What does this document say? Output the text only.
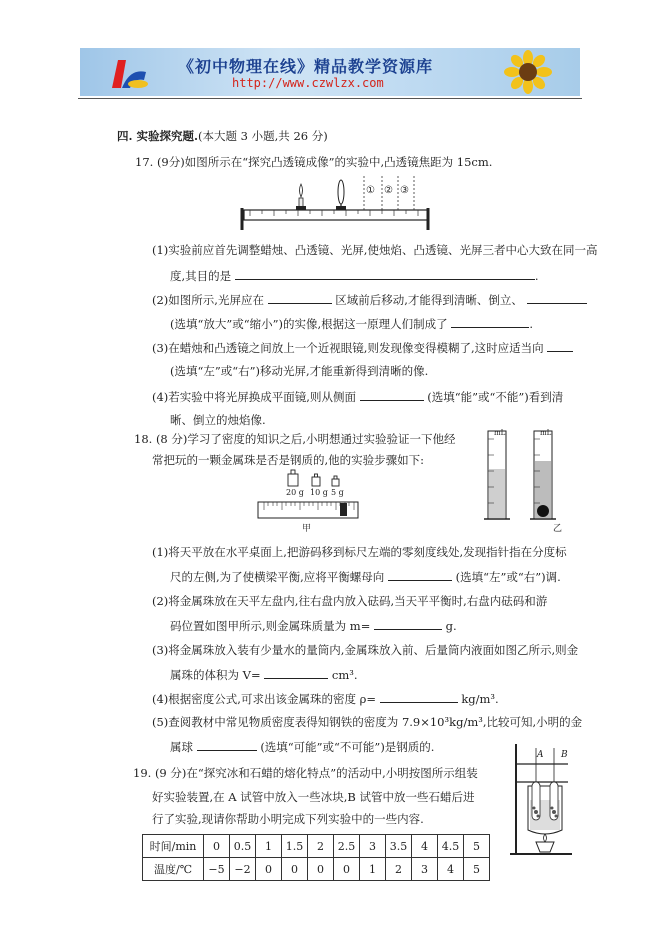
《初中物理在线》精品教学资源库
http://www.czwlzx.com
四. 实验探究题.(本大题 3 小题,共 26 分)
17. (9分)如图所示在“探究凸透镜成像”的实验中,凸透镜焦距为 15cm.
① ② ③
(1)实验前应首先调整蜡烛、凸透镜、光屏,使烛焰、凸透镜、光屏三者中心大致在同一高
度,其目的是	.
(2)如图所示,光屏应在	区域前后移动,才能得到清晰、倒立、
(选填“放大”或“缩小”)的实像,根据这一原理人们制成了	.
(3)在蜡烛和凸透镜之间放上一个近视眼镜,则发现像变得模糊了,这时应适当向
(选填“左”或“右”)移动光屏,才能重新得到清晰的像.
(4)若实验中将光屏换成平面镜,则从侧面	(选填“能”或“不能”)看到清
晰、倒立的烛焰像.
18. (8 分)学习了密度的知识之后,小明想通过实验验证一下他经
常把玩的一颗金属珠是否是钢质的,他的实验步骤如下:
20 g 10 g 5 g
甲
mL	mL
乙
(1)将天平放在水平桌面上,把游码移到标尺左端的零刻度线处,发现指针指在分度标
尺的左侧,为了使横梁平衡,应将平衡螺母向	(选填“左”或“右”)调.
(2)将金属珠放在天平左盘内,往右盘内放入砝码,当天平平衡时,右盘内砝码和游
码位置如图甲所示,则金属珠质量为 m=	g.
(3)将金属珠放入装有少量水的量筒内,金属珠放入前、后量筒内液面如图乙所示,则金
属珠的体积为 V=	cm³.
(4)根据密度公式,可求出该金属珠的密度 ρ=	kg/m³.
(5)查阅教材中常见物质密度表得知钢铁的密度为 7.9×10³kg/m³,比较可知,小明的金
属球	(选填“可能”或“不可能”)是钢质的.
19. (9 分)在“探究冰和石蜡的熔化特点”的活动中,小明按图所示组装
好实验装置,在 A 试管中放入一些冰块,B 试管中放一些石蜡后进
A B
行了实验,现请你帮助小明完成下列实验中的一些内容.
时间/min	0	0.5	1	1.5	2	2.5	3	3.5	4	4.5	5
温度/℃	−5	−2	0	0	0	0	1	2	3	4	5
